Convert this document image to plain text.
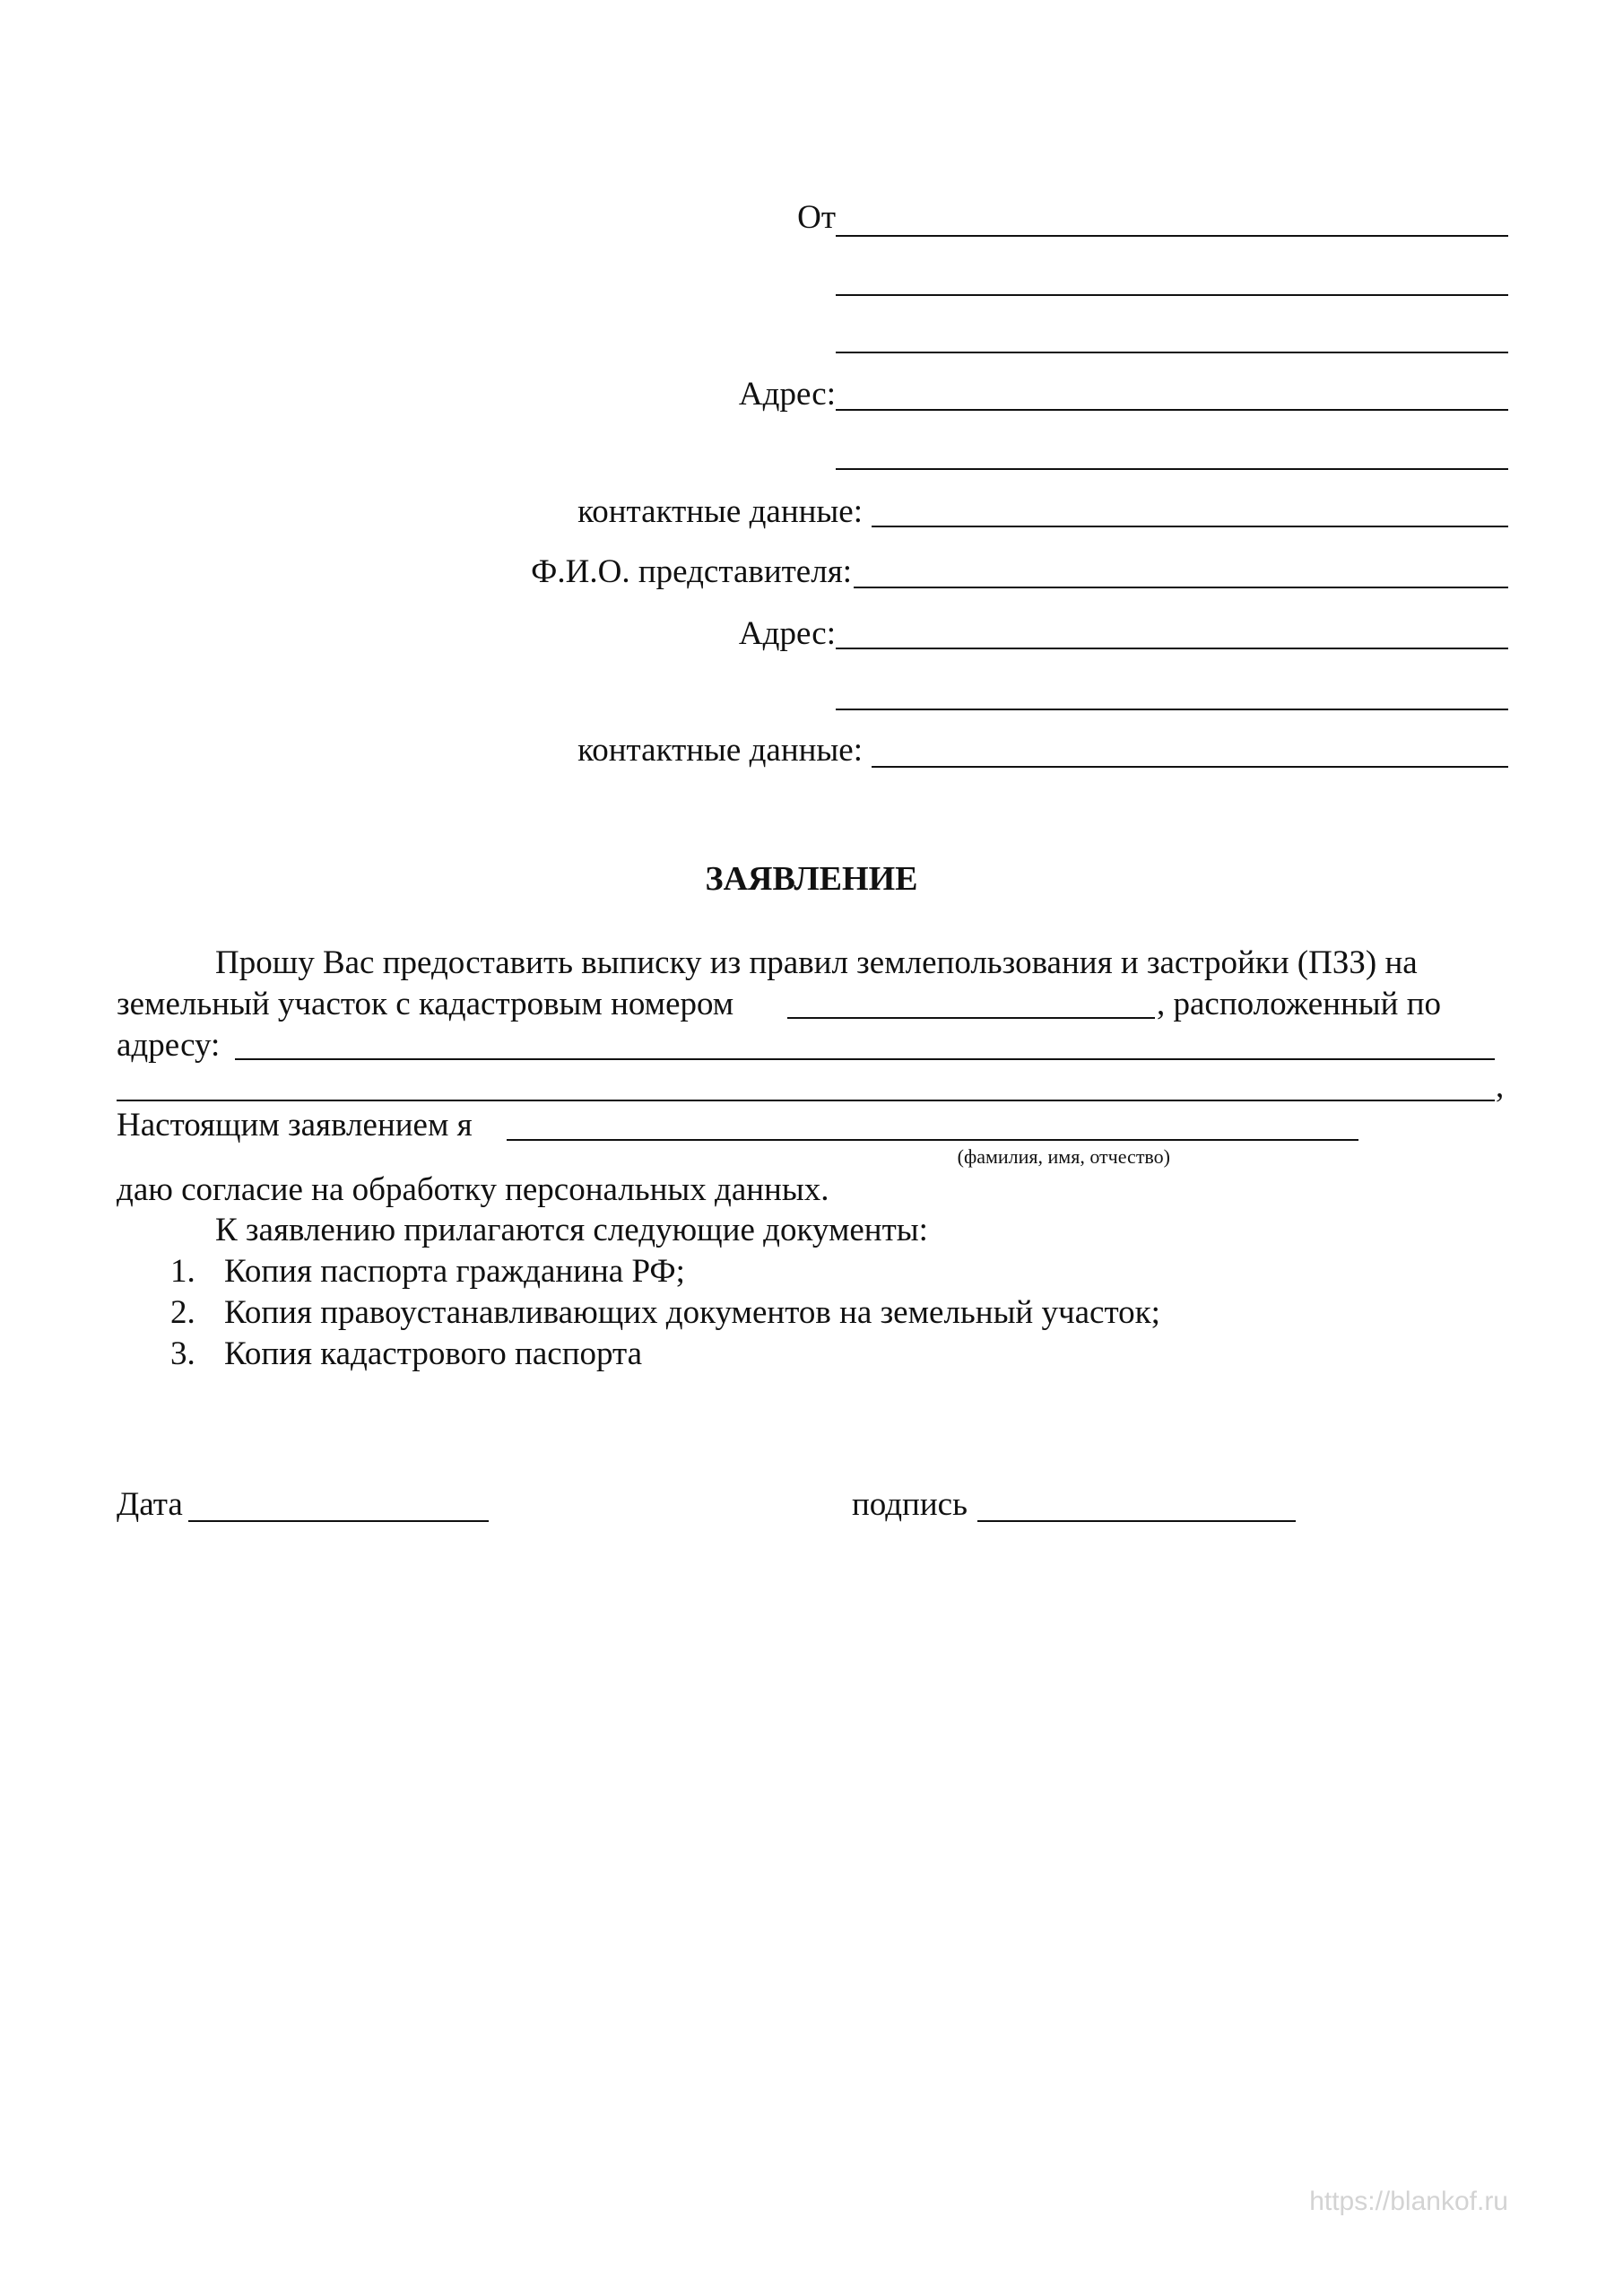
От
Адрес:
контактные данные:
Ф.И.О. представителя:
Адрес:
контактные данные:
ЗАЯВЛЕНИЕ
Прошу Вас предоставить выписку из правил землепользования и застройки (ПЗЗ) на
земельный участок с кадастровым номером	, расположенный по
адресу:
,
Настоящим заявлением я
(фамилия, имя, отчество)
даю согласие на обработку персональных данных.
К заявлению прилагаются следующие документы:
1. Копия паспорта гражданина РФ;
2. Копия правоустанавливающих документов на земельный участок;
3. Копия кадастрового паспорта
Дата	подпись
https://blankof.ru
